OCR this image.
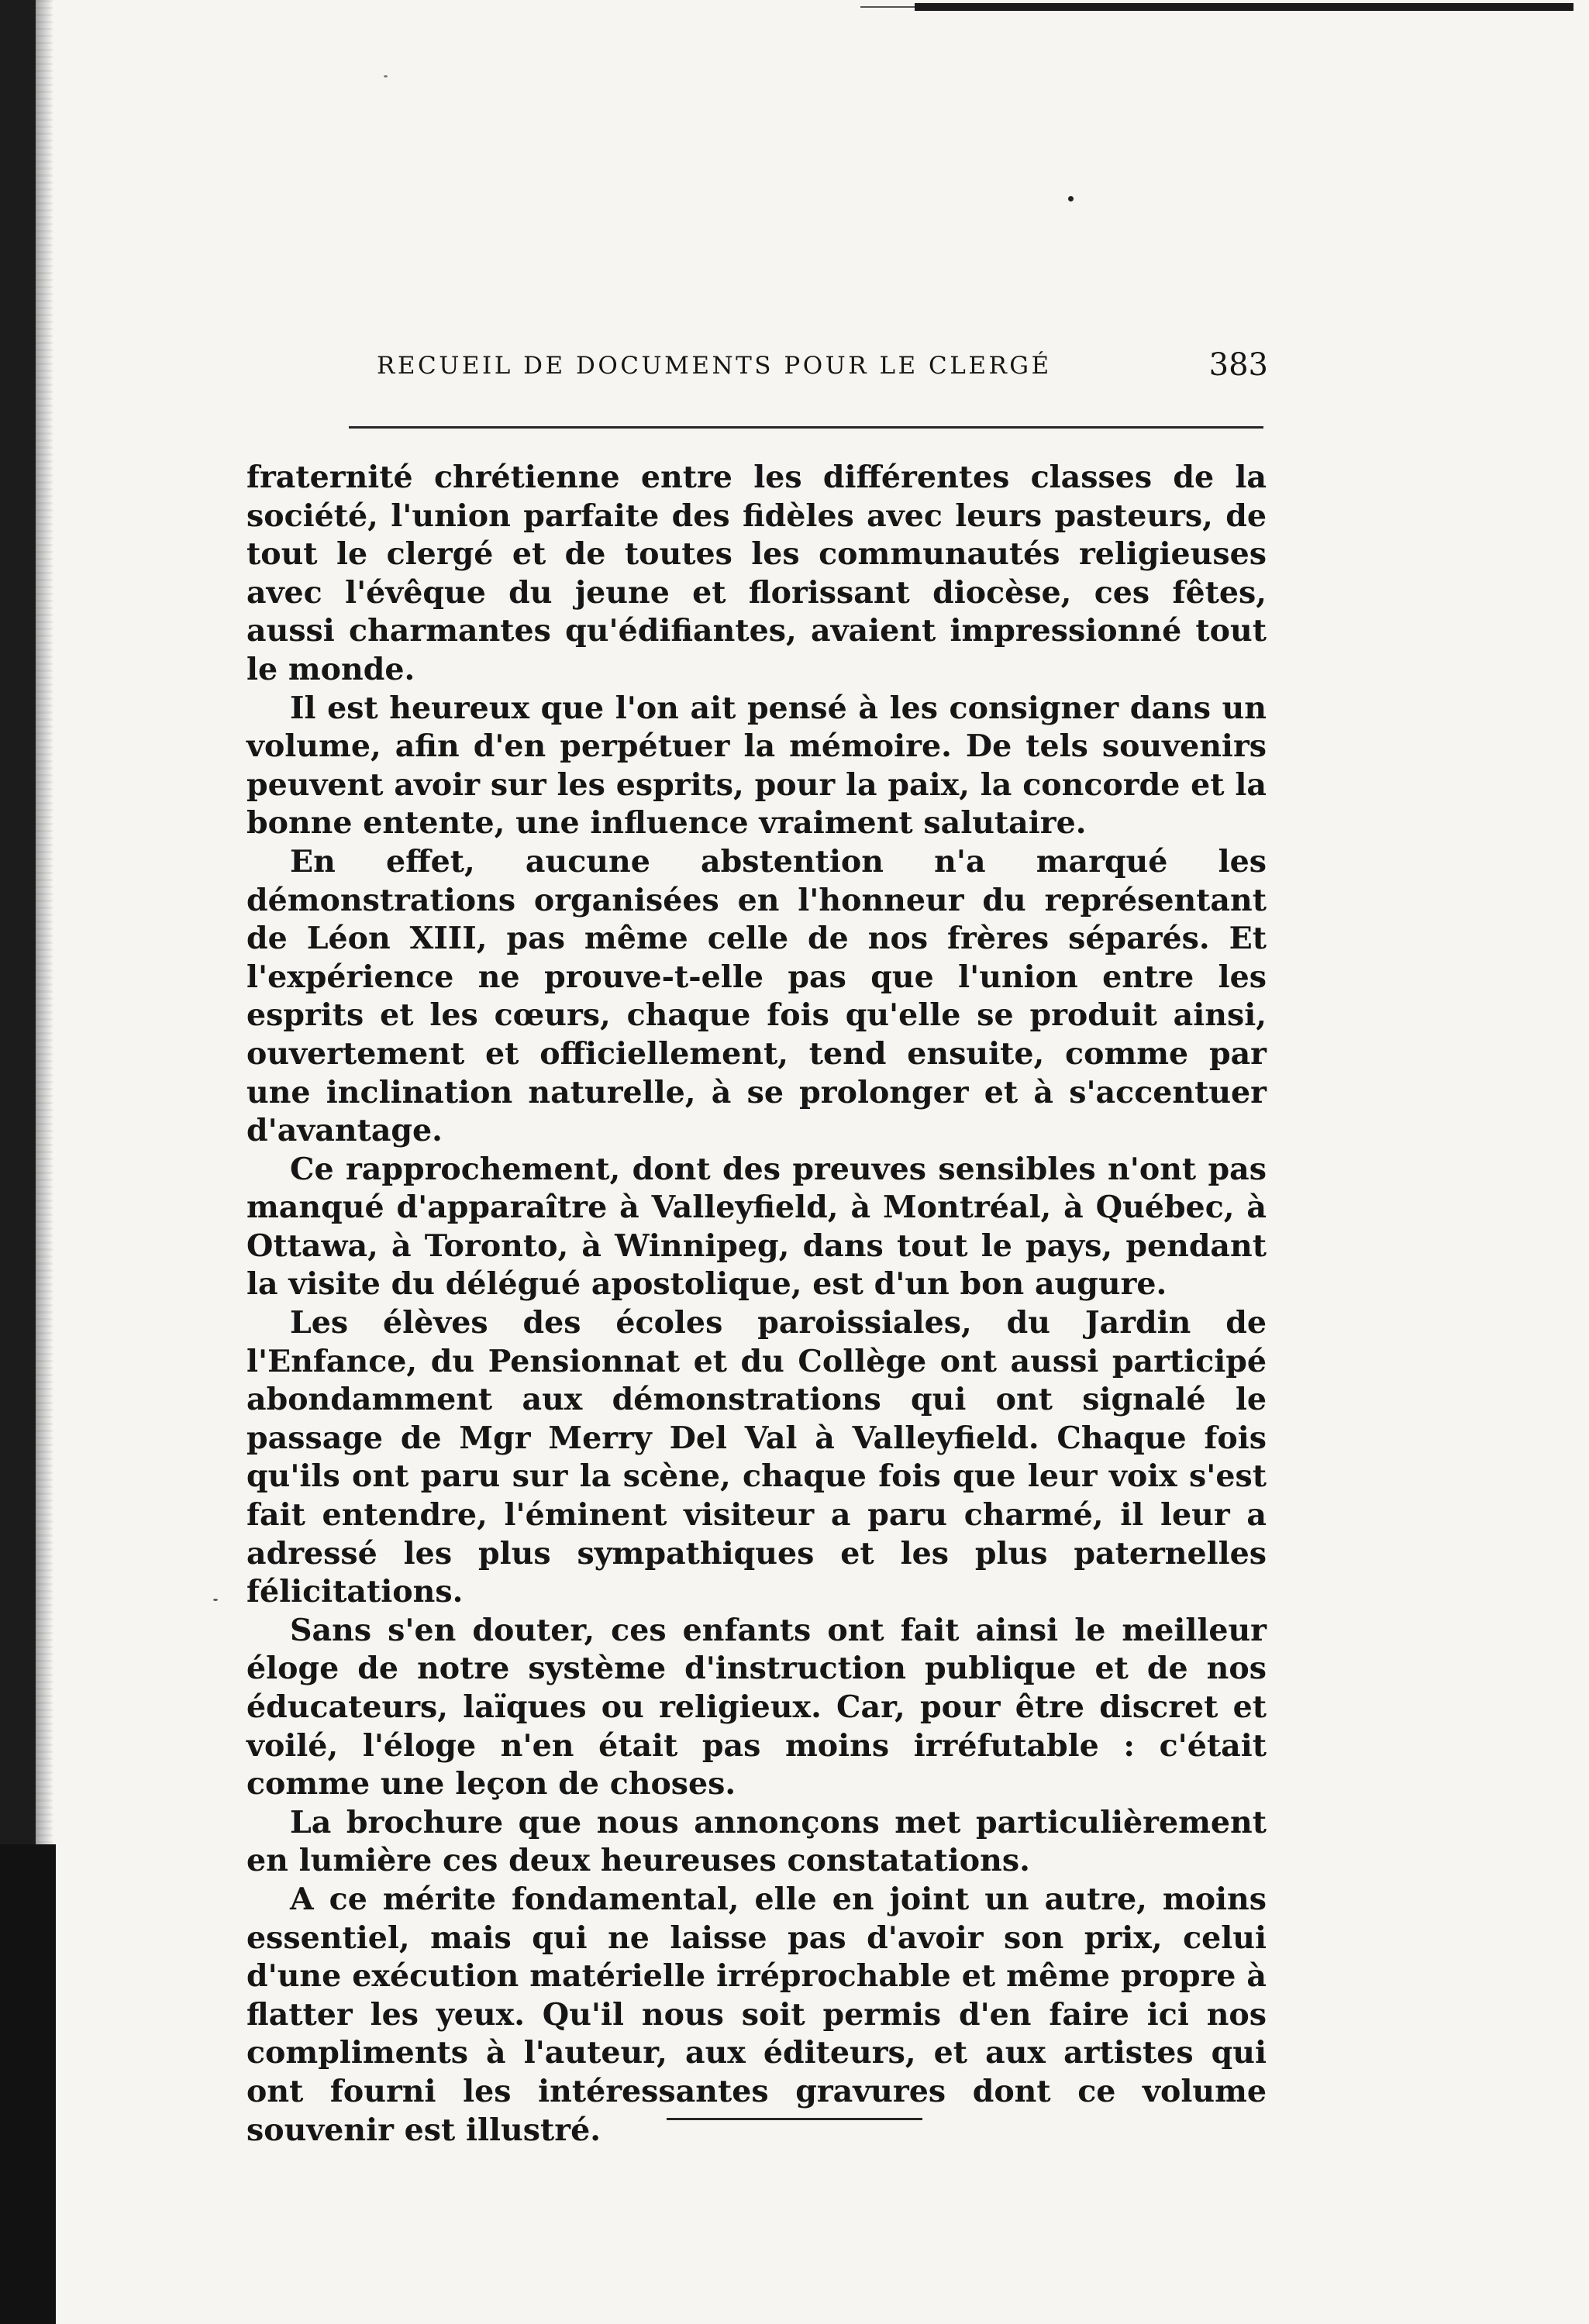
RECUEIL DE DOCUMENTS POUR LE CLERGÉ	383

fraternité chrétienne entre les différentes classes de la société, l'union parfaite des fidèles avec leurs pasteurs, de tout le clergé et de toutes les communautés religieuses avec l'évêque du jeune et florissant diocèse, ces fêtes, aussi charmantes qu'édifiantes, avaient impressionné tout le monde.

Il est heureux que l'on ait pensé à les consigner dans un volume, afin d'en perpétuer la mémoire. De tels souvenirs peuvent avoir sur les esprits, pour la paix, la concorde et la bonne entente, une influence vraiment salutaire.

En effet, aucune abstention n'a marqué les démonstrations organisées en l'honneur du représentant de Léon XIII, pas même celle de nos frères séparés. Et l'expérience ne prouve-t-elle pas que l'union entre les esprits et les cœurs, chaque fois qu'elle se produit ainsi, ouvertement et officiellement, tend ensuite, comme par une inclination naturelle, à se prolonger et à s'accentuer d'avantage.

Ce rapprochement, dont des preuves sensibles n'ont pas manqué d'apparaître à Valleyfield, à Montréal, à Québec, à Ottawa, à Toronto, à Winnipeg, dans tout le pays, pendant la visite du délégué apostolique, est d'un bon augure.

Les élèves des écoles paroissiales, du Jardin de l'Enfance, du Pensionnat et du Collège ont aussi participé abondamment aux démonstrations qui ont signalé le passage de Mgr Merry Del Val à Valleyfield. Chaque fois qu'ils ont paru sur la scène, chaque fois que leur voix s'est fait entendre, l'éminent visiteur a paru charmé, il leur a adressé les plus sympathiques et les plus paternelles félicitations.

Sans s'en douter, ces enfants ont fait ainsi le meilleur éloge de notre système d'instruction publique et de nos éducateurs, laïques ou religieux. Car, pour être discret et voilé, l'éloge n'en était pas moins irréfutable : c'était comme une leçon de choses.

La brochure que nous annonçons met particulièrement en lumière ces deux heureuses constatations.

A ce mérite fondamental, elle en joint un autre, moins essentiel, mais qui ne laisse pas d'avoir son prix, celui d'une exécution matérielle irréprochable et même propre à flatter les yeux. Qu'il nous soit permis d'en faire ici nos compliments à l'auteur, aux éditeurs, et aux artistes qui ont fourni les intéressantes gravures dont ce volume souvenir est illustré.
